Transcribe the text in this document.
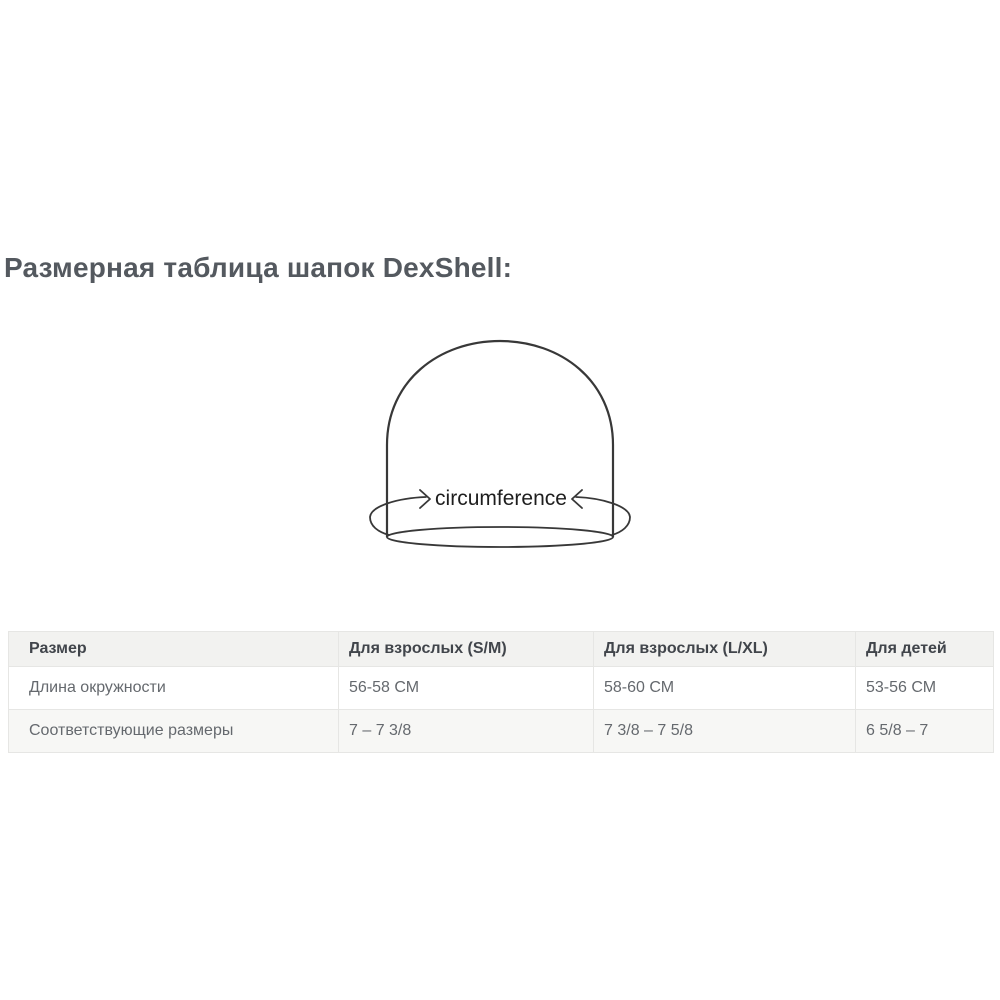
Размерная таблица шапок DexShell:
circumference
Размер	Для взрослых (S/M)	Для взрослых (L/XL)	Для детей
Длина окружности	56-58 СМ	58-60 СМ	53-56 СМ
Соответствующие размеры	7 – 7 3/8	7 3/8 – 7 5/8	6 5/8 – 7
